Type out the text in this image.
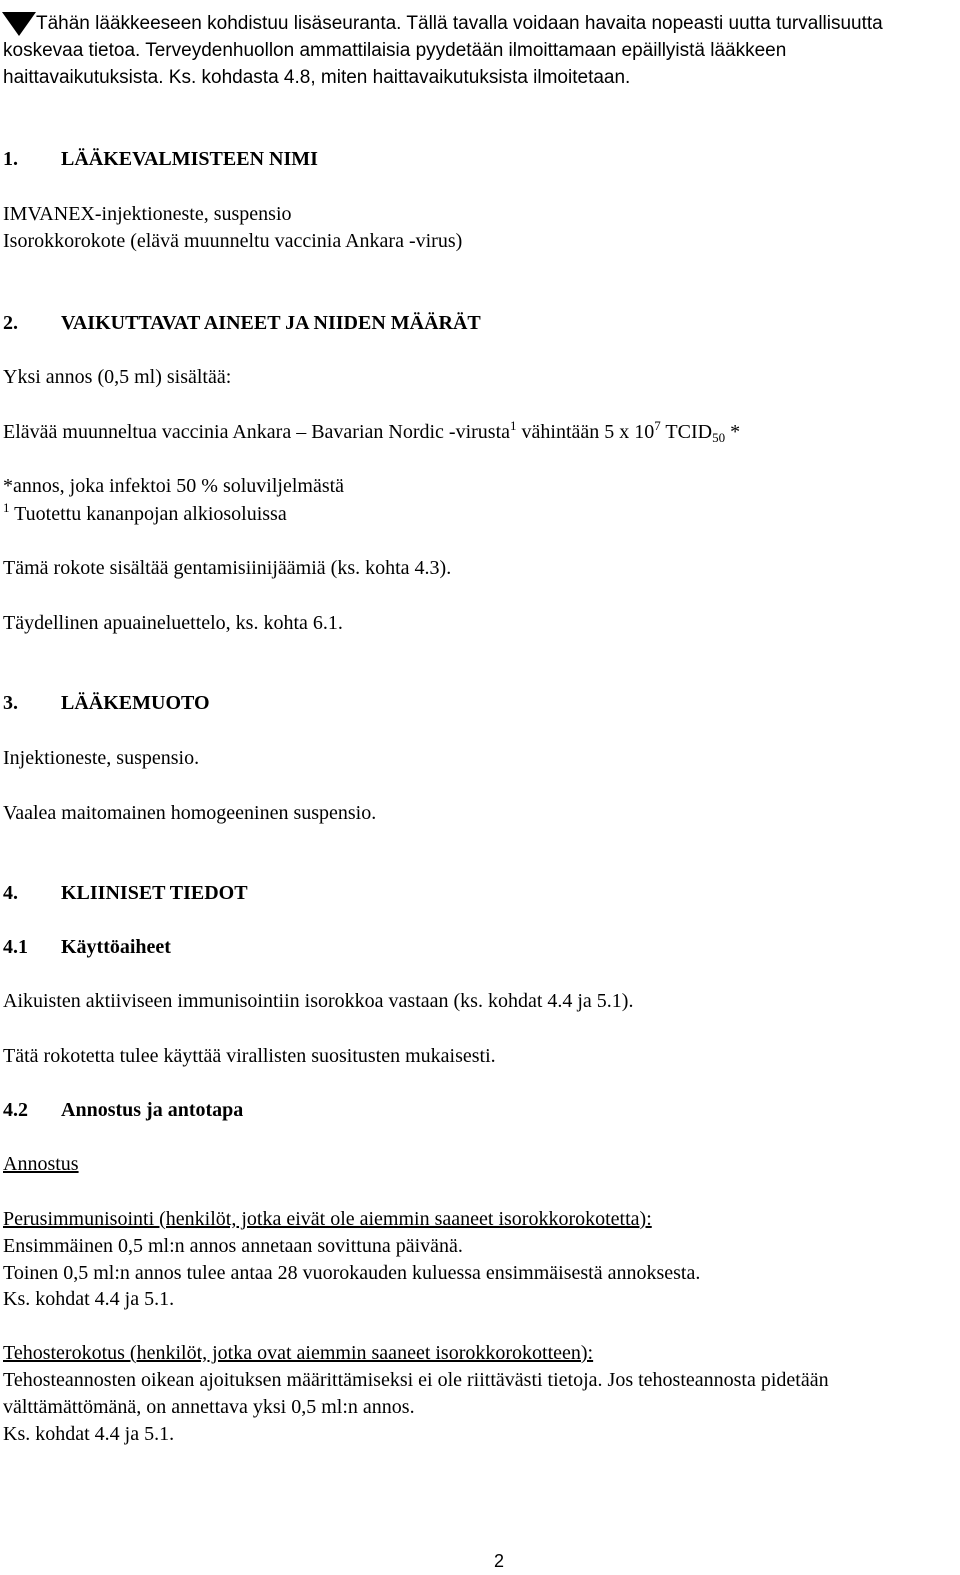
Tähän lääkkeeseen kohdistuu lisäseuranta. Tällä tavalla voidaan havaita nopeasti uutta turvallisuutta
koskevaa tietoa. Terveydenhuollon ammattilaisia pyydetään ilmoittamaan epäillyistä lääkkeen
haittavaikutuksista. Ks. kohdasta 4.8, miten haittavaikutuksista ilmoitetaan.
1. LÄÄKEVALMISTEEN NIMI
IMVANEX-injektioneste, suspensio
Isorokkorokote (elävä muunneltu vaccinia Ankara -virus)
2. VAIKUTTAVAT AINEET JA NIIDEN MÄÄRÄT
Yksi annos (0,5 ml) sisältää:
Elävää muunneltua vaccinia Ankara – Bavarian Nordic -virusta$^1$ vähintään 5 x $10^7$ $TCID_{50}$ *
*annos, joka infektoi 50 % soluviljelmästä
$^1$ Tuotettu kananpojan alkiosoluissa
Tämä rokote sisältää gentamisiinijäämiä (ks. kohta 4.3).
Täydellinen apuaineluettelo, ks. kohta 6.1.
3. LÄÄKEMUOTO
Injektioneste, suspensio.
Vaalea maitomainen homogeeninen suspensio.
4. KLIINISET TIEDOT
4.1 Käyttöaiheet
Aikuisten aktiiviseen immunisointiin isorokkoa vastaan (ks. kohdat 4.4 ja 5.1).
Tätä rokotetta tulee käyttää virallisten suositusten mukaisesti.
4.2 Annostus ja antotapa
Annostus
Perusimmunisointi (henkilöt, jotka eivät ole aiemmin saaneet isorokkorokotetta):
Ensimmäinen 0,5 ml:n annos annetaan sovittuna päivänä.
Toinen 0,5 ml:n annos tulee antaa 28 vuorokauden kuluessa ensimmäisestä annoksesta.
Ks. kohdat 4.4 ja 5.1.
Tehosterokotus (henkilöt, jotka ovat aiemmin saaneet isorokkorokotteen):
Tehosteannosten oikean ajoituksen määrittämiseksi ei ole riittävästi tietoja. Jos tehosteannosta pidetään
välttämättömänä, on annettava yksi 0,5 ml:n annos.
Ks. kohdat 4.4 ja 5.1.
2
